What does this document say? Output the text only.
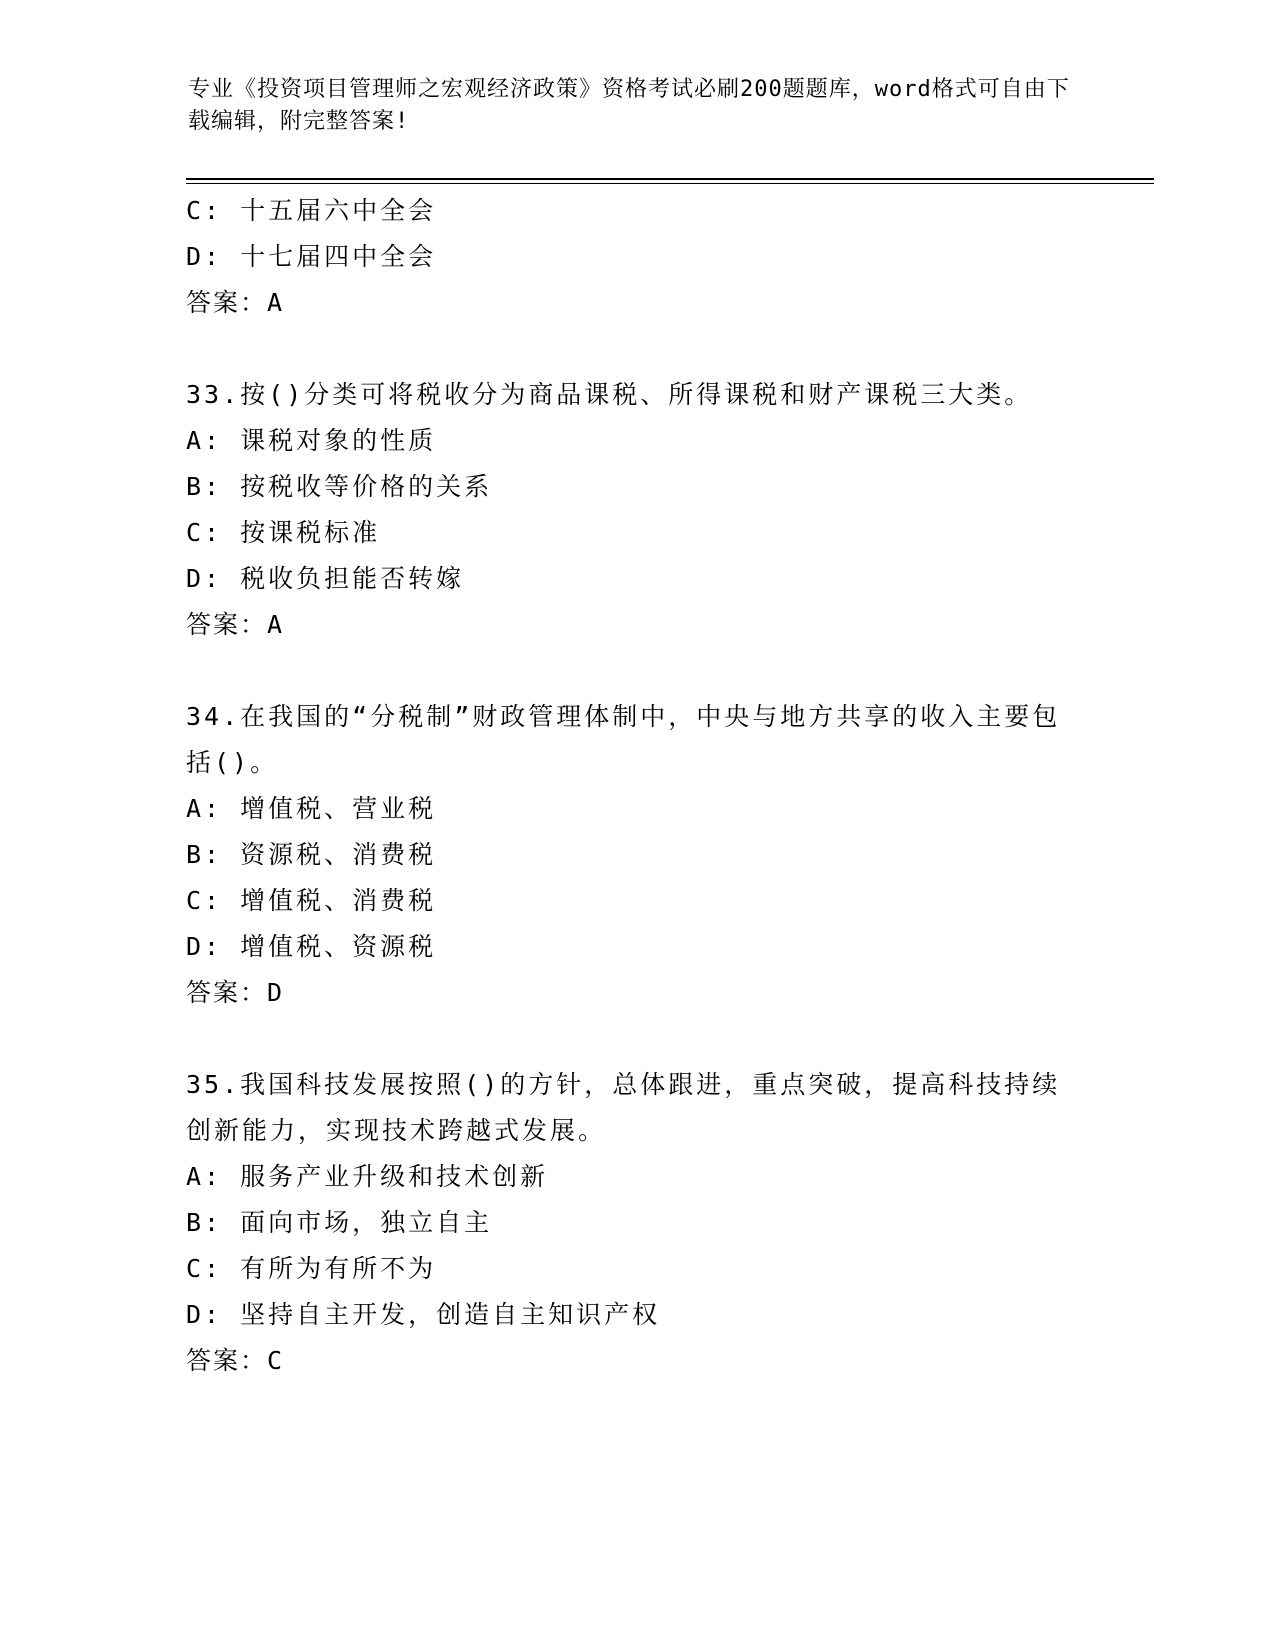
专业《投资项目管理师之宏观经济政策》资格考试必刷200题题库，word格式可自由下载编辑，附完整答案!
C: 十五届六中全会
D: 十七届四中全会
答案：A
33.按()分类可将税收分为商品课税、所得课税和财产课税三大类。
A: 课税对象的性质
B: 按税收等价格的关系
C: 按课税标准
D: 税收负担能否转嫁
答案：A
34.在我国的“分税制”财政管理体制中，中央与地方共享的收入主要包括()。
A: 增值税、营业税
B: 资源税、消费税
C: 增值税、消费税
D: 增值税、资源税
答案：D
35.我国科技发展按照()的方针，总体跟进，重点突破，提高科技持续创新能力，实现技术跨越式发展。
A: 服务产业升级和技术创新
B: 面向市场，独立自主
C: 有所为有所不为
D: 坚持自主开发，创造自主知识产权
答案：C
